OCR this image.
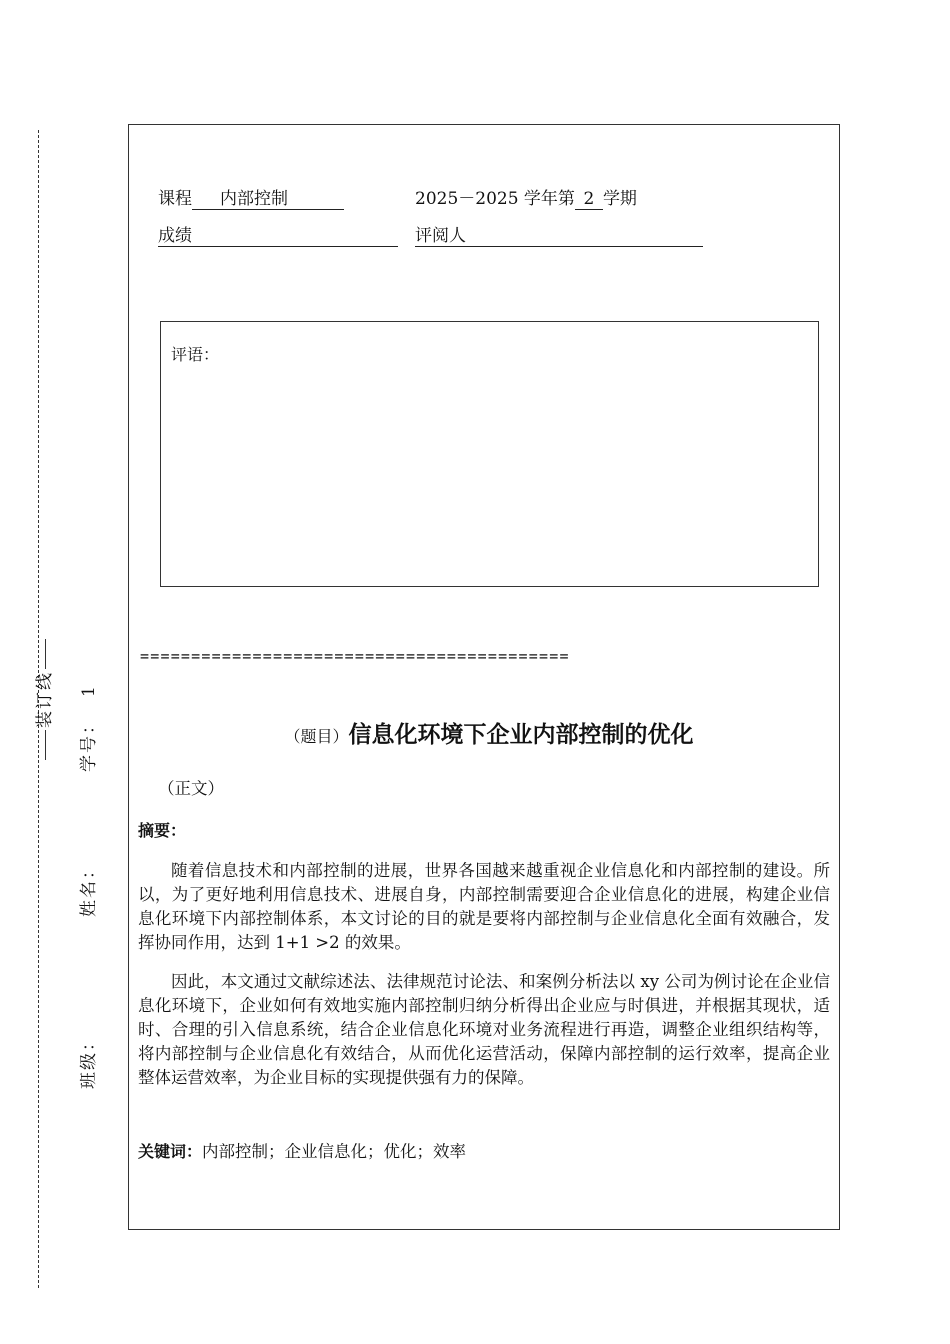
装订线
学号：1
姓名：
班级：
课程 内部控制	2025－2025 学年第 2 学期
成绩	评阅人
评语：
==========================================
（题目）信息化环境下企业内部控制的优化
（正文）
摘要：
随着信息技术和内部控制的进展，世界各国越来越重视企业信息化和内部控制的建设。所以，为了更好地利用信息技术、进展自身，内部控制需要迎合企业信息化的进展，构建企业信息化环境下内部控制体系，本文讨论的目的就是要将内部控制与企业信息化全面有效融合，发挥协同作用，达到 1+1 >2 的效果。
因此，本文通过文献综述法、法律规范讨论法、和案例分析法以 xy 公司为例讨论在企业信息化环境下，企业如何有效地实施内部控制归纳分析得出企业应与时俱进，并根据其现状，适时、合理的引入信息系统，结合企业信息化环境对业务流程进行再造，调整企业组织结构等，将内部控制与企业信息化有效结合，从而优化运营活动，保障内部控制的运行效率，提高企业整体运营效率，为企业目标的实现提供强有力的保障。
关键词：内部控制；企业信息化；优化；效率
